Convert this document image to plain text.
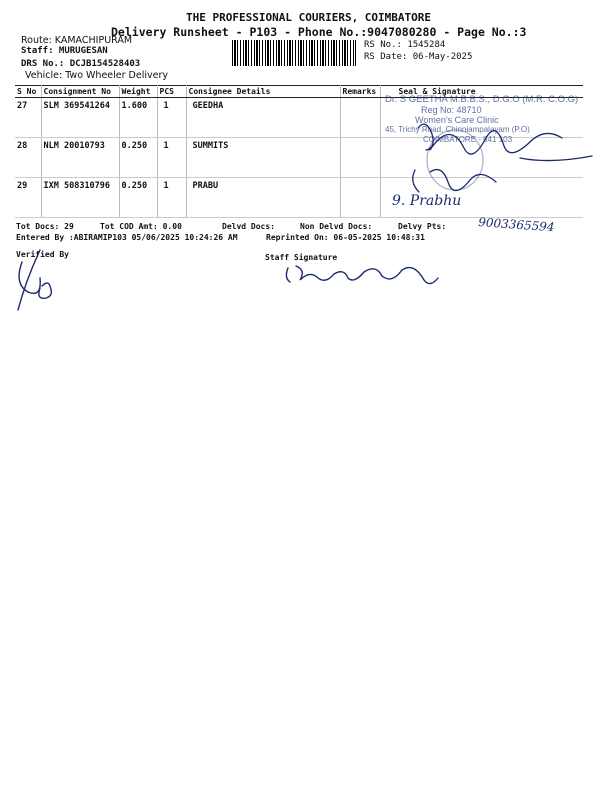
THE PROFESSIONAL COURIERS, COIMBATORE
Delivery Runsheet - P103 - Phone No.:9047080280 - Page No.:3
Route: KAMACHIPURAM
Staff: MURUGESAN
DRS No.: DCJB154528403
Vehicle: Two Wheeler Delivery
RS No.: 1545284
RS Date: 06-May-2025
S No	Consignment No	Weight	PCS	Consignee Details	Remarks	Seal & Signature
27	SLM 369541264	1.600	1	GEEDHA		
28	NLM 20010793	0.250	1	SUMMITS		
29	IXM 508310796	0.250	1	PRABU		
Dr. S GEETHA M.B.B.S., D.G.O (M.R. C.O.G)
Reg No: 48710
Women's Care Clinic
45, Trichy Road, Chinniampalayam (P.O)
COIMBATORE - 641 103
9. Prabhu
9003365594
Tot Docs: 29	Tot COD Amt: 0.00	Delvd Docs:	Non Delvd Docs:	Delvy Pts:
Entered By :ABIRAMIP103 05/06/2025 10:24:26 AM	Reprinted On: 06-05-2025 10:48:31
Verified By	Staff Signature
